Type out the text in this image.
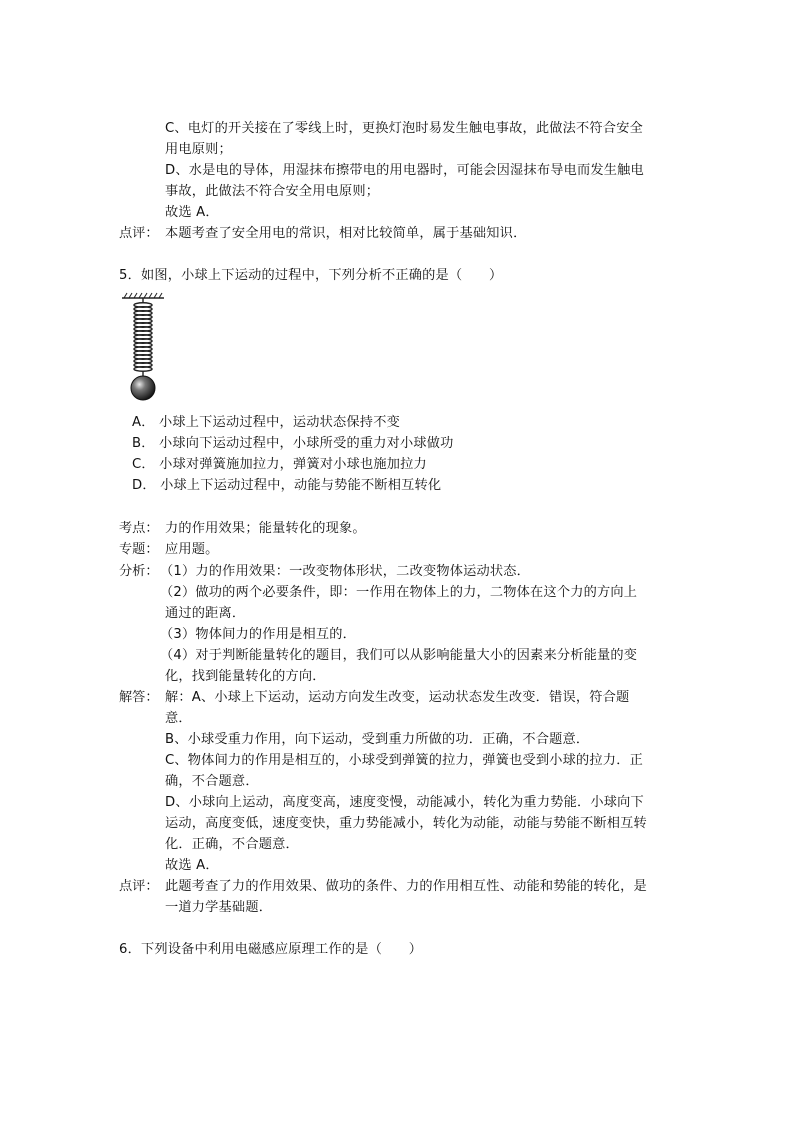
C、电灯的开关接在了零线上时，更换灯泡时易发生触电事故，此做法不符合安全
用电原则；
D、水是电的导体，用湿抹布擦带电的用电器时，可能会因湿抹布导电而发生触电
事故，此做法不符合安全用电原则；
故选 A．
点评： 本题考查了安全用电的常识，相对比较简单，属于基础知识．
5．如图，小球上下运动的过程中，下列分析不正确的是（　　）
A． 小球上下运动过程中，运动状态保持不变
B． 小球向下运动过程中，小球所受的重力对小球做功
C． 小球对弹簧施加拉力，弹簧对小球也施加拉力
D． 小球上下运动过程中，动能与势能不断相互转化
考点： 力的作用效果；能量转化的现象。
专题： 应用题。
分析： （1）力的作用效果：一改变物体形状，二改变物体运动状态．
（2）做功的两个必要条件，即：一作用在物体上的力，二物体在这个力的方向上
通过的距离．
（3）物体间力的作用是相互的．
（4）对于判断能量转化的题目，我们可以从影响能量大小的因素来分析能量的变
化，找到能量转化的方向．
解答： 解：A、小球上下运动，运动方向发生改变，运动状态发生改变．错误，符合题
意．
B、小球受重力作用，向下运动，受到重力所做的功．正确，不合题意．
C、物体间力的作用是相互的，小球受到弹簧的拉力，弹簧也受到小球的拉力．正
确，不合题意．
D、小球向上运动，高度变高，速度变慢，动能减小，转化为重力势能．小球向下
运动，高度变低，速度变快，重力势能减小，转化为动能，动能与势能不断相互转
化．正确，不合题意．
故选 A．
点评： 此题考查了力的作用效果、做功的条件、力的作用相互性、动能和势能的转化，是
一道力学基础题．
6．下列设备中利用电磁感应原理工作的是（　　）
